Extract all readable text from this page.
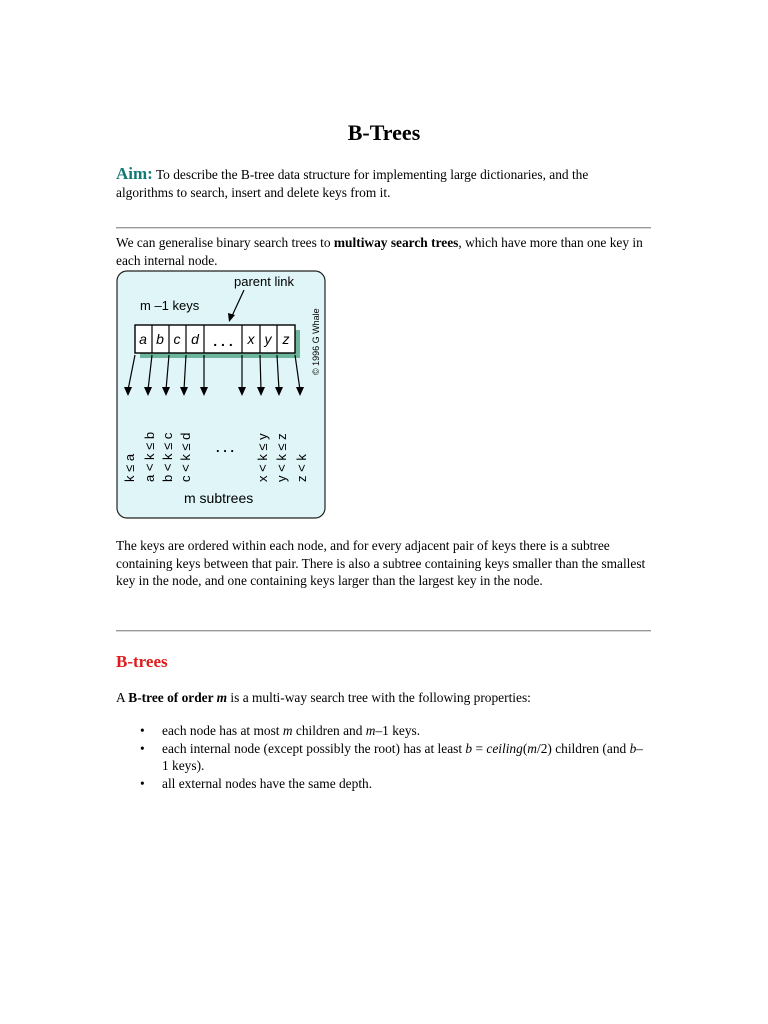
B-Trees

Aim: To describe the B-tree data structure for implementing large dictionaries, and the algorithms to search, insert and delete keys from it.

We can generalise binary search trees to multiway search trees, which have more than one key in each internal node.

parent link
m –1 keys
a b c d . . . x y z © 1996 G Whale
k ≤ a a < k ≤ b b < k ≤ c c < k ≤ d . . . x < k ≤ y y < k ≤ z z < k
m subtrees

The keys are ordered within each node, and for every adjacent pair of keys there is a subtree containing keys between that pair. There is also a subtree containing keys smaller than the smallest key in the node, and one containing keys larger than the largest key in the node.

B-trees

A B-tree of order m is a multi-way search tree with the following properties:

• each node has at most m children and m–1 keys.
• each internal node (except possibly the root) has at least b = ceiling(m/2) children (and b–1 keys).
• all external nodes have the same depth.
